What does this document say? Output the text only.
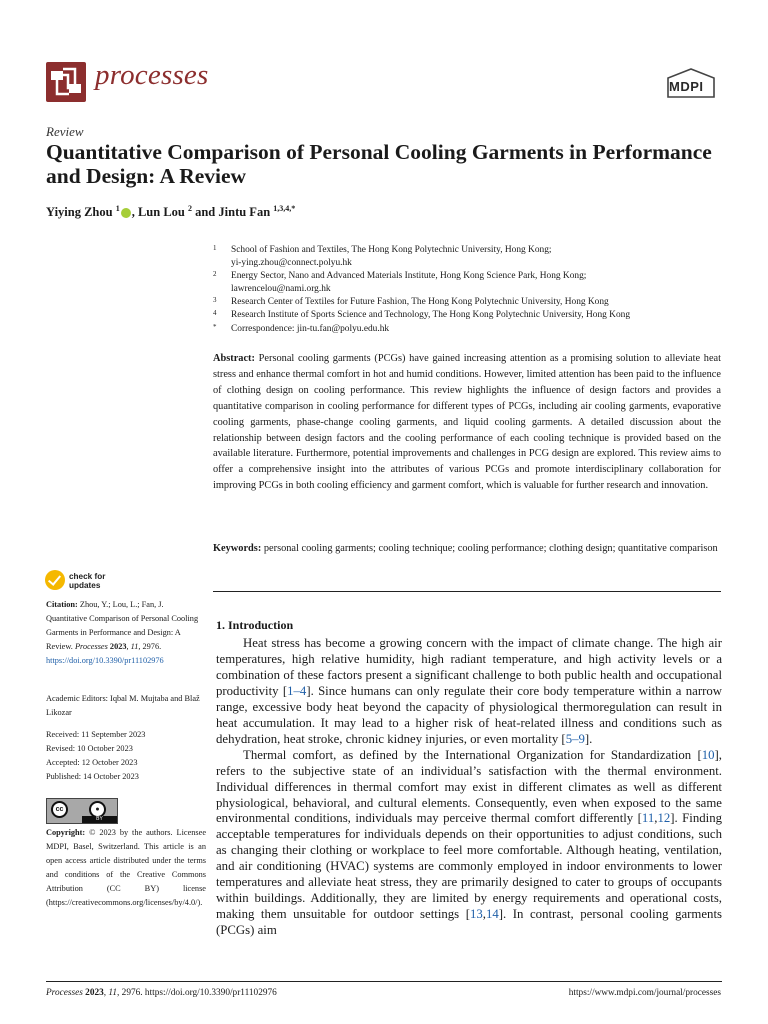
processes	MDPI
Review
Quantitative Comparison of Personal Cooling Garments in Performance and Design: A Review
Yiying Zhou $^1$ , Lun Lou $^2$ and Jintu Fan $^{1,3,4,*}$
1 School of Fashion and Textiles, The Hong Kong Polytechnic University, Hong Kong;
yi-ying.zhou@connect.polyu.hk
2 Energy Sector, Nano and Advanced Materials Institute, Hong Kong Science Park, Hong Kong;
lawrencelou@nami.org.hk
3 Research Center of Textiles for Future Fashion, The Hong Kong Polytechnic University, Hong Kong
4 Research Institute of Sports Science and Technology, The Hong Kong Polytechnic University, Hong Kong
* Correspondence: jin-tu.fan@polyu.edu.hk

Abstract: Personal cooling garments (PCGs) have gained increasing attention as a promising solution to alleviate heat stress and enhance thermal comfort in hot and humid conditions. However, limited attention has been paid to the influence of clothing design on cooling performance. This review highlights the influence of design factors and provides a quantitative comparison in cooling performance for different types of PCGs, including air cooling garments, evaporative cooling garments, phase-change cooling garments, and liquid cooling garments. A detailed discussion about the relationship between design factors and the cooling performance of each cooling technique is provided based on the available literature. Furthermore, potential improvements and challenges in PCG design are explored. This review aims to offer a comprehensive insight into the attributes of various PCGs and promote interdisciplinary collaboration for improving PCGs in both cooling efficiency and garment comfort, which is valuable for further research and innovation.

Keywords: personal cooling garments; cooling technique; cooling performance; clothing design; quantitative comparison
check for
updates
Citation: Zhou, Y.; Lou, L.; Fan, J. Quantitative Comparison of Personal Cooling Garments in Performance and Design: A Review. Processes 2023, 11, 2976. https://doi.org/10.3390/pr11102976
Academic Editors: Iqbal M. Mujtaba and Blaž Likozar
Received: 11 September 2023
Revised: 10 October 2023
Accepted: 12 October 2023
Published: 14 October 2023
cc	●
BY
Copyright: © 2023 by the authors. Licensee MDPI, Basel, Switzerland. This article is an open access article distributed under the terms and conditions of the Creative Commons Attribution (CC BY) license (https://creativecommons.org/licenses/by/4.0/).
1. Introduction

Heat stress has become a growing concern with the impact of climate change. The high air temperatures, high relative humidity, high radiant temperature, and high activity levels or a combination of these factors present a significant challenge to both public health and occupational productivity [1–4]. Since humans can only regulate their core body temperature within a narrow range, excessive body heat beyond the capacity of physiological thermoregulation can result in heat accumulation. It may lead to a higher risk of heat-related illness and conditions such as dehydration, heat stroke, chronic kidney injuries, or even mortality [5–9].

Thermal comfort, as defined by the International Organization for Standardization [10], refers to the subjective state of an individual’s satisfaction with the thermal environment. Individual differences in thermal comfort may exist in different climates as well as different physiological, behavioral, and cultural elements. Consequently, even when exposed to the same environmental conditions, individuals may perceive thermal comfort differently [11,12]. Finding acceptable temperatures for individuals depends on their opportunities to adjust conditions, such as changing their clothing or workplace to feel more comfortable. Although heating, ventilation, and air conditioning (HVAC) systems are commonly employed in indoor environments to lower temperatures and alleviate heat stress, they are primarily designed to cater to groups of occupants within buildings. Additionally, they are limited by energy requirements and operational costs, making them unsuitable for outdoor settings [13,14]. In contrast, personal cooling garments (PCGs) aim

Processes 2023, 11, 2976. https://doi.org/10.3390/pr11102976	https://www.mdpi.com/journal/processes
